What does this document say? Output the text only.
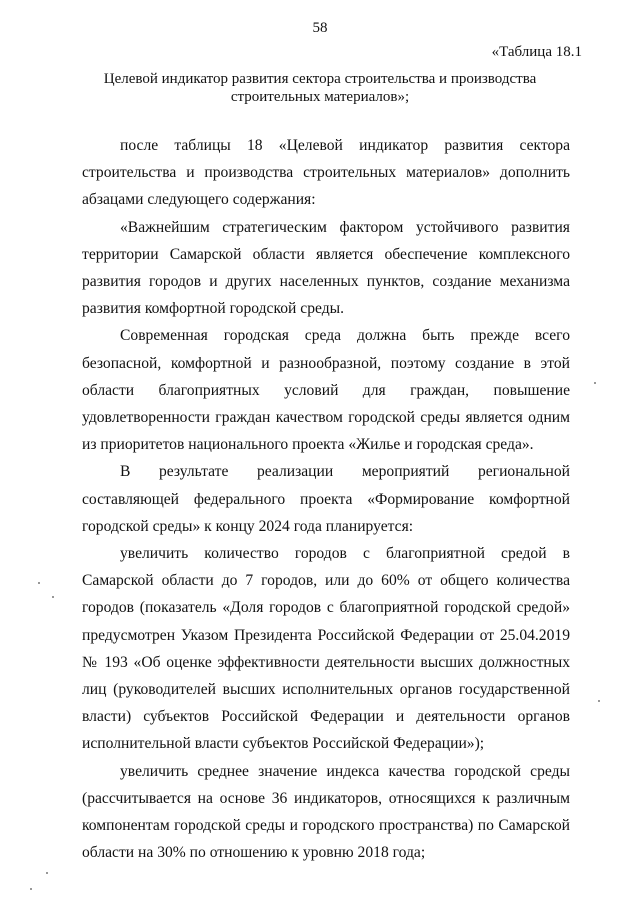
58
«Таблица 18.1
Целевой индикатор развития сектора строительства и производства
строительных материалов»;

после таблицы 18 «Целевой индикатор развития сектора строительства и производства строительных материалов» дополнить абзацами следующего содержания:

«Важнейшим стратегическим фактором устойчивого развития территории Самарской области является обеспечение комплексного развития городов и других населенных пунктов, создание механизма развития комфортной городской среды.

Современная городская среда должна быть прежде всего безопасной, комфортной и разнообразной, поэтому создание в этой области благоприятных условий для граждан, повышение удовлетворенности граждан качеством городской среды является одним из приоритетов национального проекта «Жилье и городская среда».

В результате реализации мероприятий региональной составляющей федерального проекта «Формирование комфортной городской среды» к концу 2024 года планируется:

увеличить количество городов с благоприятной средой в Самарской области до 7 городов, или до 60% от общего количества городов (показатель «Доля городов с благоприятной городской средой» предусмотрен Указом Президента Российской Федерации от 25.04.2019 № 193 «Об оценке эффективности деятельности высших должностных лиц (руководителей высших исполнительных органов государственной власти) субъектов Российской Федерации и деятельности органов исполнительной власти субъектов Российской Федерации»);

увеличить среднее значение индекса качества городской среды (рассчитывается на основе 36 индикаторов, относящихся к различным компонентам городской среды и городского пространства) по Самарской области на 30% по отношению к уровню 2018 года;
